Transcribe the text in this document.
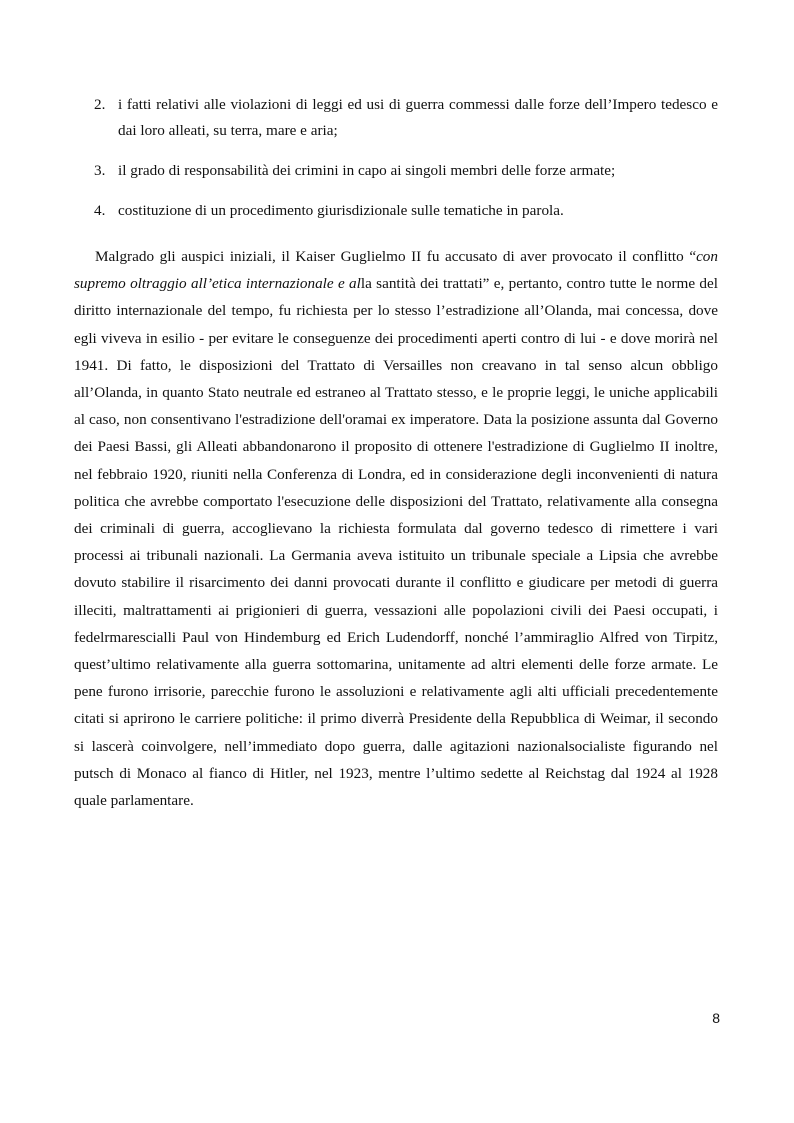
2. i fatti relativi alle violazioni di leggi ed usi di guerra commessi dalle forze dell’Impero tedesco e dai loro alleati, su terra, mare e aria;
3. il grado di responsabilità dei crimini in capo ai singoli membri delle forze armate;
4. costituzione di un procedimento giurisdizionale sulle tematiche in parola.

Malgrado gli auspici iniziali, il Kaiser Guglielmo II fu accusato di aver provocato il conflitto “con supremo oltraggio all’etica internazionale e alla santità dei trattati” e, pertanto, contro tutte le norme del diritto internazionale del tempo, fu richiesta per lo stesso l’estradizione all’Olanda, mai concessa, dove egli viveva in esilio - per evitare le conseguenze dei procedimenti aperti contro di lui - e dove morirà nel 1941. Di fatto, le disposizioni del Trattato di Versailles non creavano in tal senso alcun obbligo all’Olanda, in quanto Stato neutrale ed estraneo al Trattato stesso, e le proprie leggi, le uniche applicabili al caso, non consentivano l'estradizione dell'oramai ex imperatore. Data la posizione assunta dal Governo dei Paesi Bassi, gli Alleati abbandonarono il proposito di ottenere l'estradizione di Guglielmo II inoltre, nel febbraio 1920, riuniti nella Conferenza di Londra, ed in considerazione degli inconvenienti di natura politica che avrebbe comportato l'esecuzione delle disposizioni del Trattato, relativamente alla consegna dei criminali di guerra, accoglievano la richiesta formulata dal governo tedesco di rimettere i vari processi ai tribunali nazionali. La Germania aveva istituito un tribunale speciale a Lipsia che avrebbe dovuto stabilire il risarcimento dei danni provocati durante il conflitto e giudicare per metodi di guerra illeciti, maltrattamenti ai prigionieri di guerra, vessazioni alle popolazioni civili dei Paesi occupati, i fedelrmarescialli Paul von Hindemburg ed Erich Ludendorff, nonché l’ammiraglio Alfred von Tirpitz, quest’ultimo relativamente alla guerra sottomarina, unitamente ad altri elementi delle forze armate. Le pene furono irrisorie, parecchie furono le assoluzioni e relativamente agli alti ufficiali precedentemente citati si aprirono le carriere politiche: il primo diverrà Presidente della Repubblica di Weimar, il secondo si lascerà coinvolgere, nell’immediato dopo guerra, dalle agitazioni nazionalsocialiste figurando nel putsch di Monaco al fianco di Hitler, nel 1923, mentre l’ultimo sedette al Reichstag dal 1924 al 1928 quale parlamentare.

8
